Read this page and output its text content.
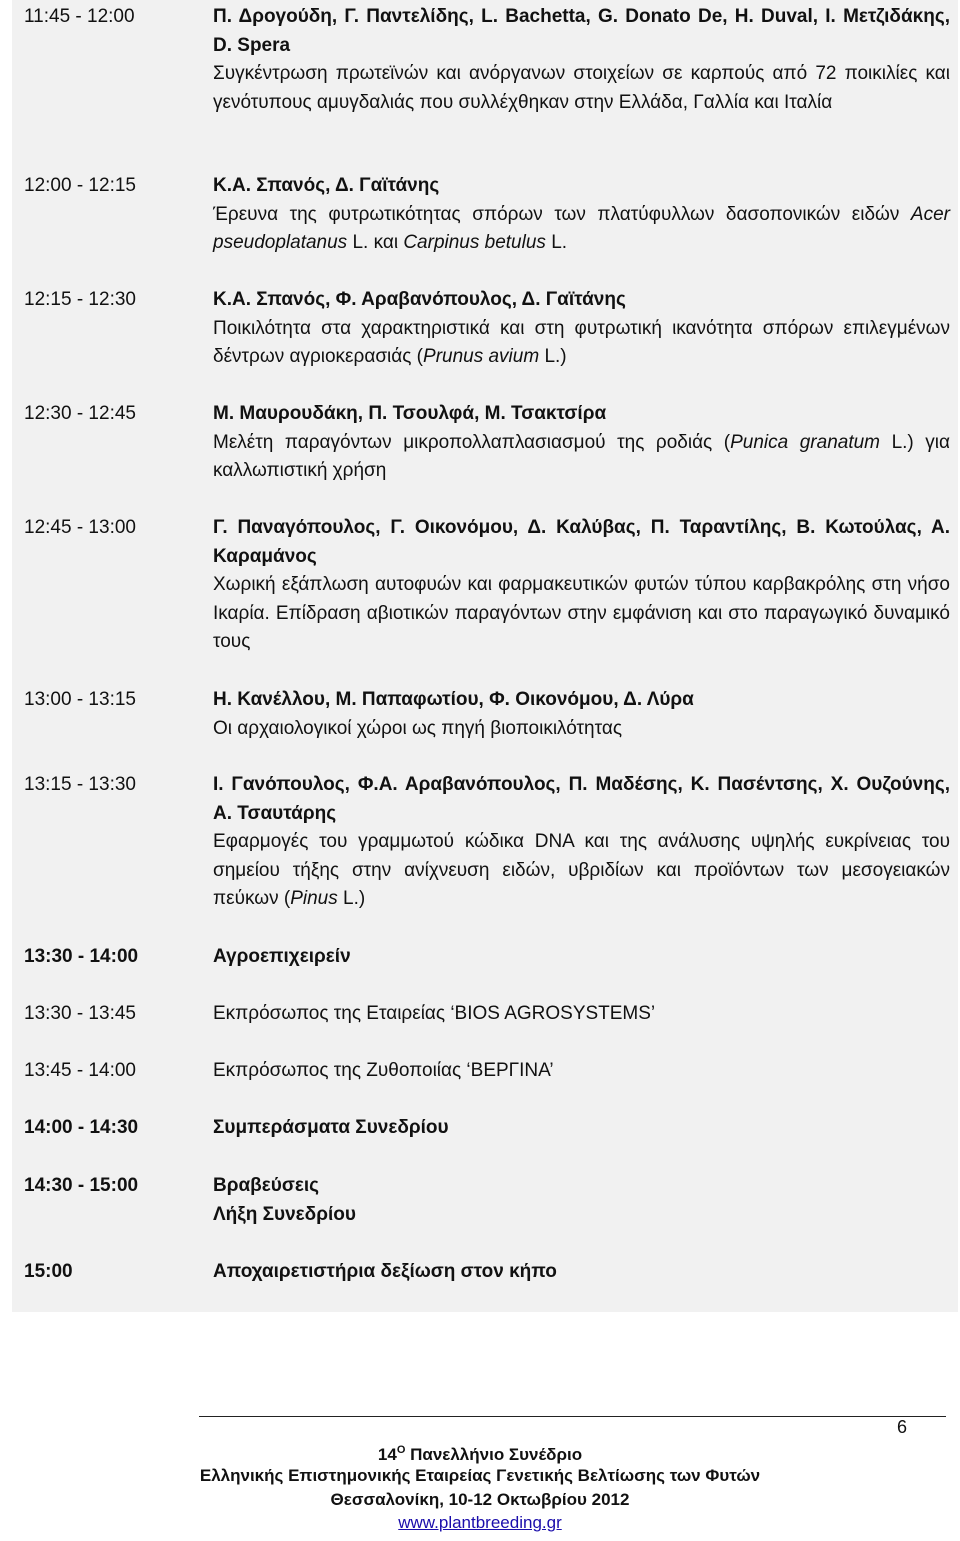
11:45 - 12:00	Π. Δρογούδη, Γ. Παντελίδης, L. Bachetta, G. Donato De, H. Duval, I. Μετζιδάκης, D. Spera
Συγκέντρωση πρωτεϊνών και ανόργανων στοιχείων σε καρπούς από 72 ποικιλίες και γενότυπους αμυγδαλιάς που συλλέχθηκαν στην Ελλάδα, Γαλλία και Ιταλία
12:00 - 12:15	Κ.Α. Σπανός, Δ. Γαϊτάνης
Έρευνα της φυτρωτικότητας σπόρων των πλατύφυλλων δασοπονικών ειδών Acer pseudoplatanus L. και Carpinus betulus L.
12:15 - 12:30	Κ.Α. Σπανός, Φ. Αραβανόπουλος, Δ. Γαϊτάνης
Ποικιλότητα στα χαρακτηριστικά και στη φυτρωτική ικανότητα σπόρων επιλεγμένων δέντρων αγριοκερασιάς (Prunus avium L.)
12:30 - 12:45	Μ. Μαυρουδάκη, Π. Τσουλφά, Μ. Τσακτσίρα
Μελέτη παραγόντων μικροπολλαπλασιασμού της ροδιάς (Punica granatum L.) για καλλωπιστική χρήση
12:45 - 13:00	Γ. Παναγόπουλος, Γ. Οικονόμου, Δ. Καλύβας, Π. Ταραντίλης, Β. Κωτούλας, Α. Καραμάνος
Χωρική εξάπλωση αυτοφυών και φαρμακευτικών φυτών τύπου καρβακρόλης στη νήσο Ικαρία. Επίδραση αβιοτικών παραγόντων στην εμφάνιση και στο παραγωγικό δυναμικό τους
13:00 - 13:15	Η. Κανέλλου, Μ. Παπαφωτίου, Φ. Οικονόμου, Δ. Λύρα
Οι αρχαιολογικοί χώροι ως πηγή βιοποικιλότητας
13:15 - 13:30	Ι. Γανόπουλος, Φ.Α. Αραβανόπουλος, Π. Μαδέσης, Κ. Πασέντσης, Χ. Ουζούνης, Α. Τσαυτάρης
Εφαρμογές του γραμμωτού κώδικα DNA και της ανάλυσης υψηλής ευκρίνειας του σημείου τήξης στην ανίχνευση ειδών, υβριδίων και προϊόντων των μεσογειακών πεύκων (Pinus L.)
13:30 - 14:00	Αγροεπιχειρείν
13:30 - 13:45	Εκπρόσωπος της Εταιρείας ‘BIOS AGROSYSTEMS’
13:45 - 14:00	Εκπρόσωπος της Ζυθοποιίας ‘ΒΕΡΓΙΝΑ’
14:00 - 14:30	Συμπεράσματα Συνεδρίου
14:30 - 15:00	Βραβεύσεις
Λήξη Συνεδρίου
15:00	Αποχαιρετιστήρια δεξίωση στον κήπο
6
$14^O$ Πανελλήνιο Συνέδριο
Ελληνικής Επιστημονικής Εταιρείας Γενετικής Βελτίωσης των Φυτών
Θεσσαλονίκη, 10-12 Οκτωβρίου 2012
www.plantbreeding.gr
